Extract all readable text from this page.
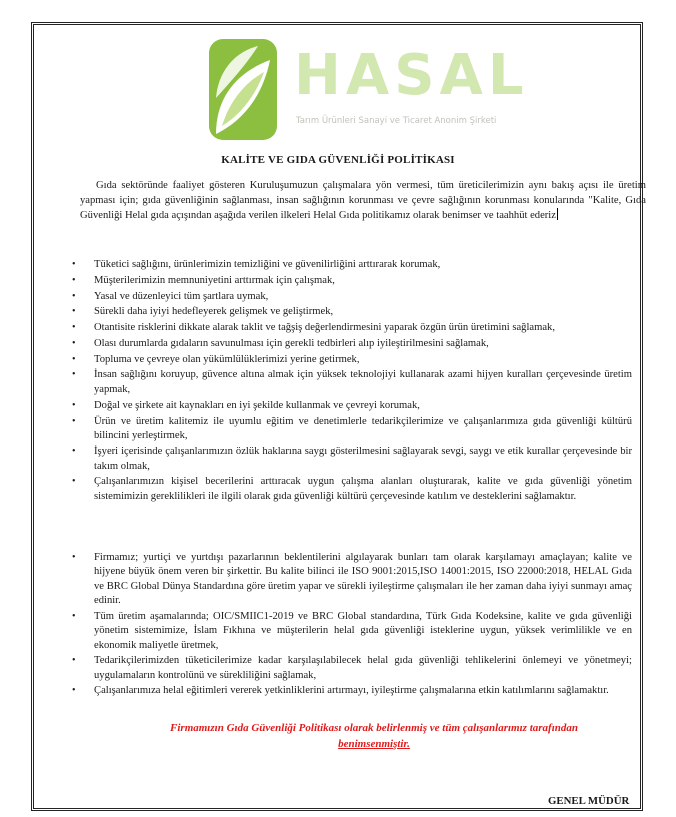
HASAL
Tarım Ürünleri Sanayi ve Ticaret Anonim Şirketi
KALİTE VE GIDA GÜVENLİĞİ POLİTİKASI
Gıda sektöründe faaliyet gösteren Kuruluşumuzun çalışmalara yön vermesi, tüm üreticilerimizin aynı bakış açısı ile üretim yapması için; gıda güvenliğinin sağlanması, insan sağlığının korunması ve çevre sağlığının korunması konularında "Kalite, Gıda Güvenliği Helal gıda açışından aşağıda verilen ilkeleri Helal Gıda politikamız olarak benimser ve taahhüt ederiz
• Tüketici sağlığını, ürünlerimizin temizliğini ve güvenilirliğini arttırarak korumak,
• Müşterilerimizin memnuniyetini arttırmak için çalışmak,
• Yasal ve düzenleyici tüm şartlara uymak,
• Sürekli daha iyiyi hedefleyerek gelişmek ve geliştirmek,
• Otantisite risklerini dikkate alarak taklit ve tağşiş değerlendirmesini yaparak özgün ürün üretimini sağlamak,
• Olası durumlarda gıdaların savunulması için gerekli tedbirleri alıp iyileştirilmesini sağlamak,
• Topluma ve çevreye olan yükümlülüklerimizi yerine getirmek,
• İnsan sağlığını koruyup, güvence altına almak için yüksek teknolojiyi kullanarak azami hijyen kuralları çerçevesinde üretim yapmak,
• Doğal ve şirkete ait kaynakları en iyi şekilde kullanmak ve çevreyi korumak,
• Ürün ve üretim kalitemiz ile uyumlu eğitim ve denetimlerle tedarikçilerimize ve çalışanlarımıza gıda güvenliği kültürü bilincini yerleştirmek,
• İşyeri içerisinde çalışanlarımızın özlük haklarına saygı gösterilmesini sağlayarak sevgi, saygı ve etik kurallar çerçevesinde bir takım olmak,
• Çalışanlarımızın kişisel becerilerini arttıracak uygun çalışma alanları oluşturarak, kalite ve gıda güvenliği yönetim sistemimizin gereklilikleri ile ilgili olarak gıda güvenliği kültürü çerçevesinde katılım ve desteklerini sağlamaktır.
• Firmamız; yurtiçi ve yurtdışı pazarlarının beklentilerini algılayarak bunları tam olarak karşılamayı amaçlayan; kalite ve hijyene büyük önem veren bir şirkettir. Bu kalite bilinci ile ISO 9001:2015,ISO 14001:2015, ISO 22000:2018, HELAL Gıda ve BRC Global Dünya Standardına göre üretim yapar ve sürekli iyileştirme çalışmaları ile her zaman daha iyiyi sunmayı amaç edinir.
• Tüm üretim aşamalarında; OIC/SMIIC1-2019 ve BRC Global standardına, Türk Gıda Kodeksine, kalite ve gıda güvenliği yönetim sistemimize, İslam Fıkhına ve müşterilerin helal gıda güvenliği isteklerine uygun, yüksek verimlilikle ve en ekonomik maliyetle üretmek,
• Tedarikçilerimizden tüketicilerimize kadar karşılaşılabilecek helal gıda güvenliği tehlikelerini önlemeyi ve yönetmeyi; uygulamaların kontrolünü ve sürekliliğini sağlamak,
• Çalışanlarımıza helal eğitimleri vererek yetkinliklerini artırmayı, iyileştirme çalışmalarına etkin katılımlarını sağlamaktır.
Firmamızın Gıda Güvenliği Politikası olarak belirlenmiş ve tüm çalışanlarımız tarafından
benimsenmiştir.
GENEL MÜDÜR
